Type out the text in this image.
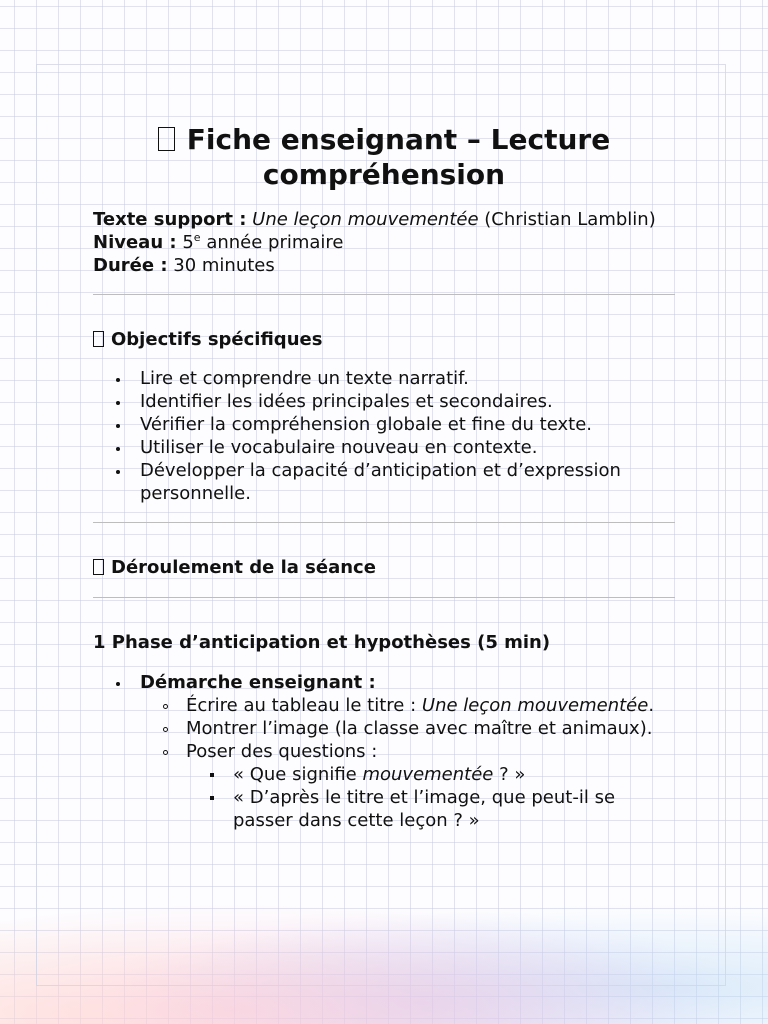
Fiche enseignant – Lecture compréhension

Texte support : Une leçon mouvementée (Christian Lamblin)

Niveau : 5e année primaire

Durée : 30 minutes

Objectifs spécifiques
Lire et comprendre un texte narratif.
Identifier les idées principales et secondaires.
Vérifier la compréhension globale et fine du texte.
Utiliser le vocabulaire nouveau en contexte.
Développer la capacité d’anticipation et d’expression personnelle.
Déroulement de la séance
1 Phase d’anticipation et hypothèses (5 min)
Démarche enseignant :
Écrire au tableau le titre : Une leçon mouvementée.
Montrer l’image (la classe avec maître et animaux).
Poser des questions :
« Que signifie mouvementée ? »
« D’après le titre et l’image, que peut-il se passer dans cette leçon ? »
